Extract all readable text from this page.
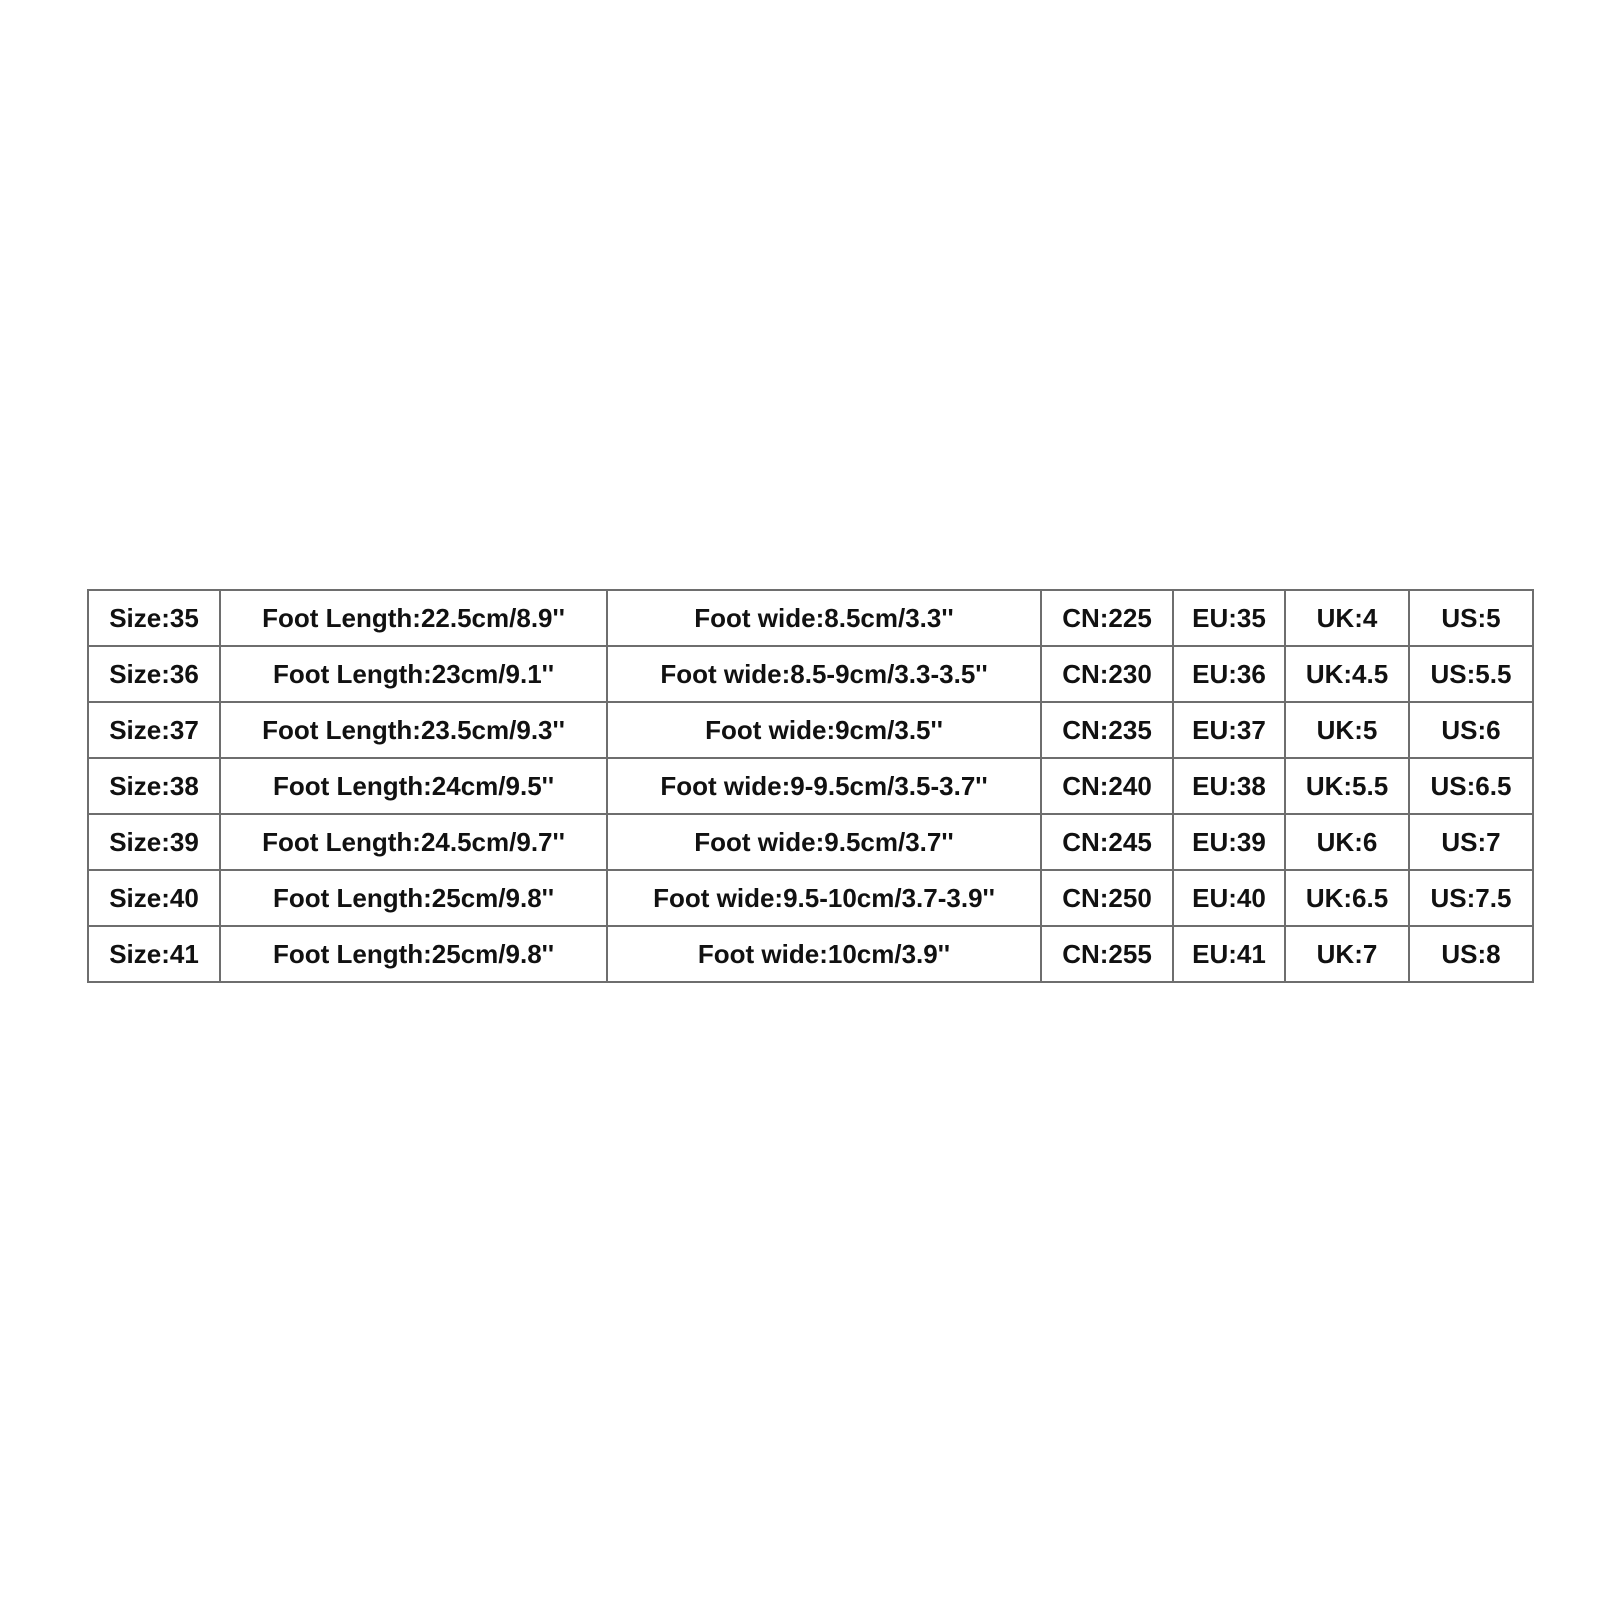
Size:35	Foot Length:22.5cm/8.9''	Foot wide:8.5cm/3.3''	CN:225	EU:35	UK:4	US:5
Size:36	Foot Length:23cm/9.1''	Foot wide:8.5-9cm/3.3-3.5''	CN:230	EU:36	UK:4.5	US:5.5
Size:37	Foot Length:23.5cm/9.3''	Foot wide:9cm/3.5''	CN:235	EU:37	UK:5	US:6
Size:38	Foot Length:24cm/9.5''	Foot wide:9-9.5cm/3.5-3.7''	CN:240	EU:38	UK:5.5	US:6.5
Size:39	Foot Length:24.5cm/9.7''	Foot wide:9.5cm/3.7''	CN:245	EU:39	UK:6	US:7
Size:40	Foot Length:25cm/9.8''	Foot wide:9.5-10cm/3.7-3.9''	CN:250	EU:40	UK:6.5	US:7.5
Size:41	Foot Length:25cm/9.8''	Foot wide:10cm/3.9''	CN:255	EU:41	UK:7	US:8
